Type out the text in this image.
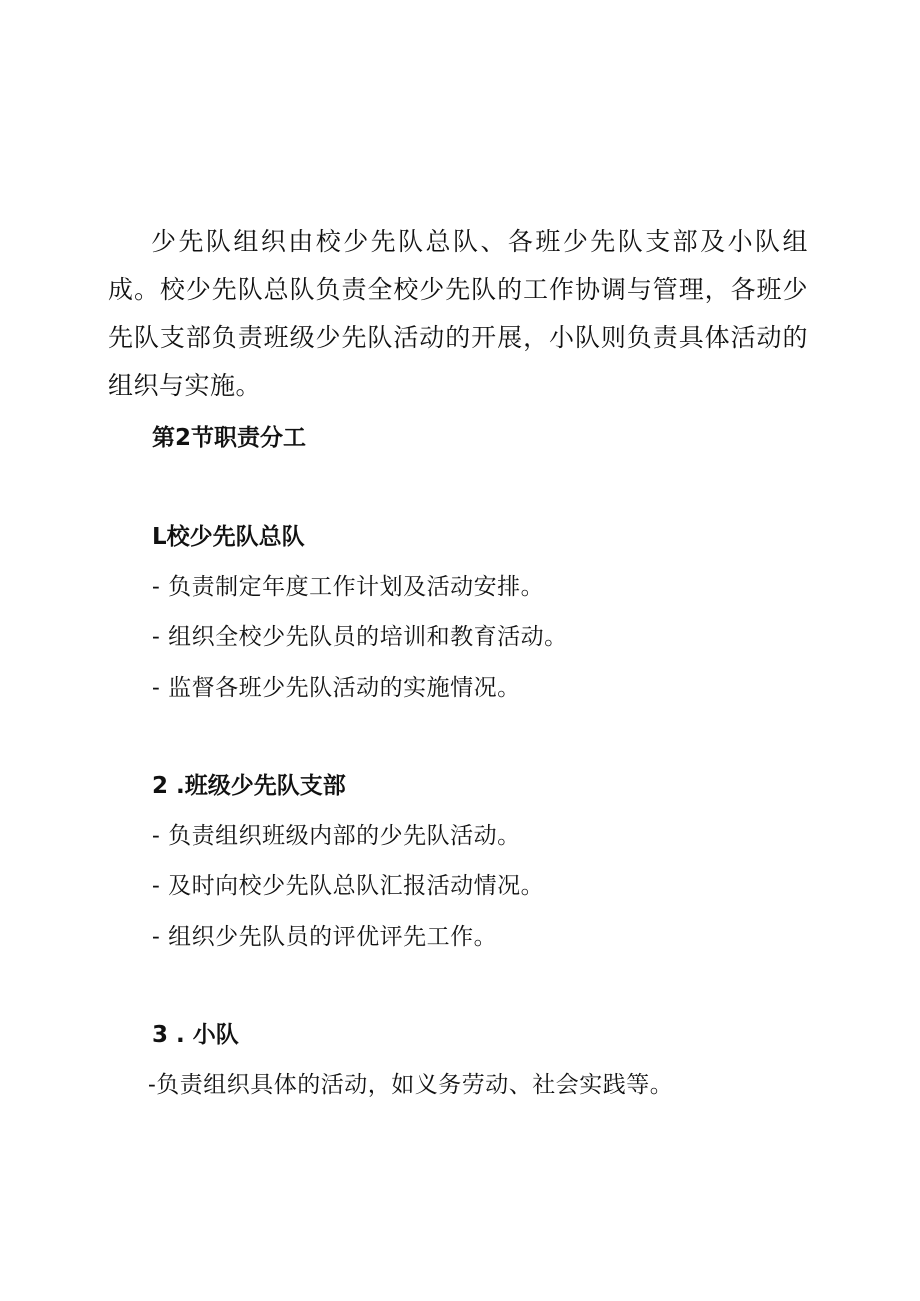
少先队组织由校少先队总队、各班少先队支部及小队组成。校少先队总队负责全校少先队的工作协调与管理，各班少先队支部负责班级少先队活动的开展，小队则负责具体活动的组织与实施。

第2节职责分工

L校少先队总队

- 负责制定年度工作计划及活动安排。

- 组织全校少先队员的培训和教育活动。

- 监督各班少先队活动的实施情况。

2 .班级少先队支部

- 负责组织班级内部的少先队活动。

- 及时向校少先队总队汇报活动情况。

- 组织少先队员的评优评先工作。

3 . 小队

-负责组织具体的活动，如义务劳动、社会实践等。
